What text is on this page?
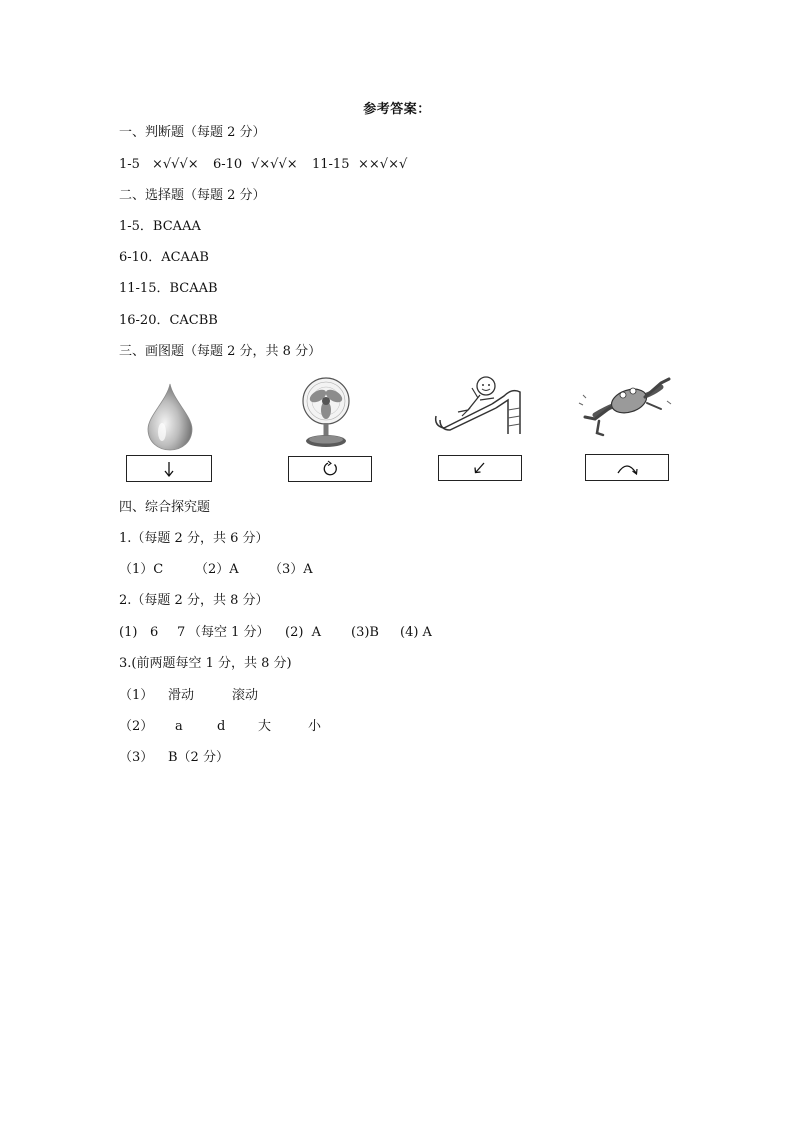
参考答案：
一、判断题（每题 2 分）
1-5 ×√√√× 6-10 √×√√× 11-15 ××√×√
二、选择题（每题 2 分）
1-5．BCAAA
6-10．ACAAB
11-15．BCAAB
16-20．CACBB
三、画图题（每题 2 分，共 8 分）
四、综合探究题
1.（每题 2 分，共 6 分）
（1）C （2）A （3）A
2.（每题 2 分，共 8 分）
(1) 6 7 （每空 1 分） (2)  A (3)B (4) A
3.(前两题每空 1 分，共 8 分)
（1） 滑动	滚动
（2） a	d	大	小
（3） B（2 分）
